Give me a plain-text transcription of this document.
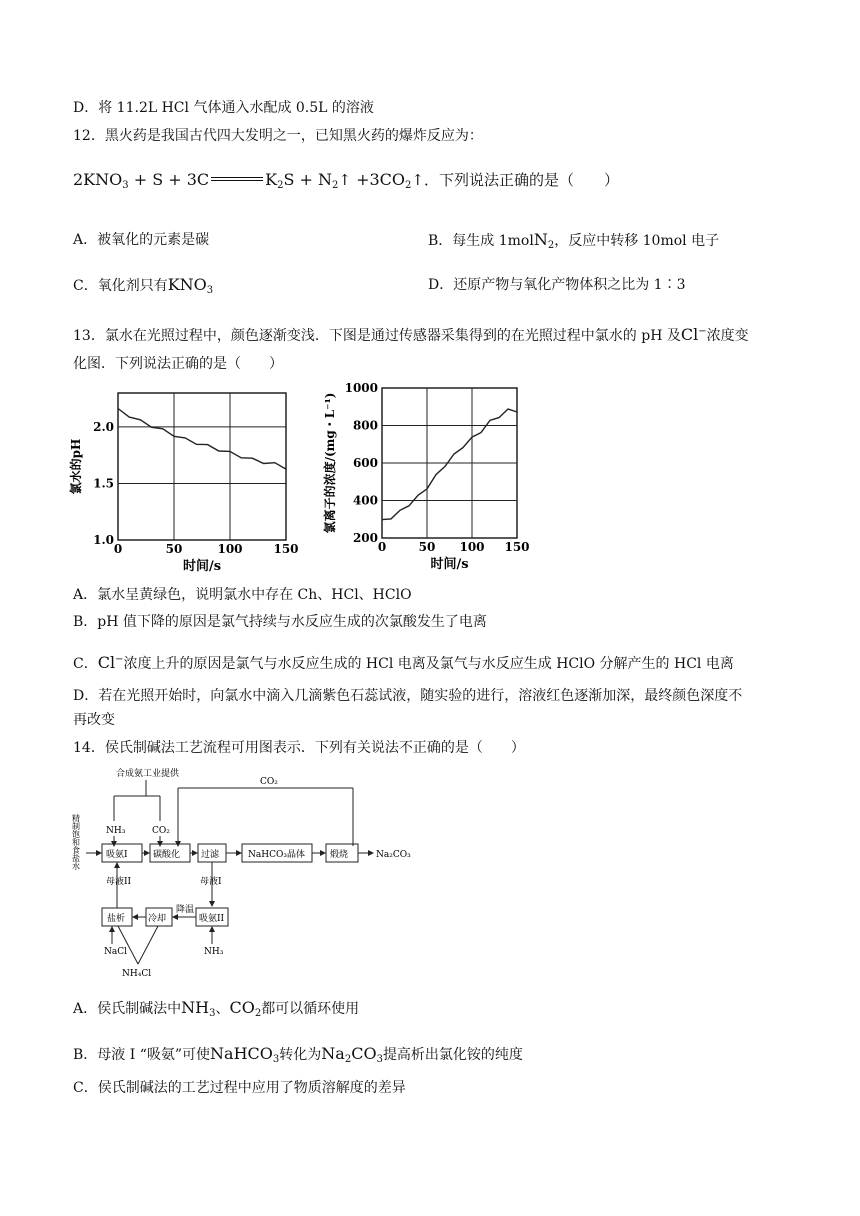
D．将 11.2L HCl 气体通入水配成 0.5L 的溶液
12．黑火药是我国古代四大发明之一，已知黑火药的爆炸反应为：
$2KNO_3 + S + 3C$	$K_2S$ + $N_2↑$ $+3CO_2↑$．下列说法正确的是（　　）
A．被氧化的元素是碳	B．每生成 1molN$_2$，反应中转移 10mol 电子
C．氧化剂只有$KNO_3$	D．还原产物与氧化产物体积之比为 1∶3
13．氯水在光照过程中，颜色逐渐变浅．下图是通过传感器采集得到的在光照过程中氯水的 pH 及Cl−浓度变
化图．下列说法正确的是（　　）
0	50	100	150
1.0
1.5
2.0
时间/s
氯水的pH
0	50 100 150
200
400
600
800
1000
时间/s
氯离子的浓度/(mg・L⁻¹)
A．氯水呈黄绿色，说明氯水中存在 Ch、HCl、HClO
B．pH 值下降的原因是氯气持续与水反应生成的次氯酸发生了电离
C．Cl−浓度上升的原因是氯气与水反应生成的 HCl 电离及氯气与水反应生成 HClO 分解产生的 HCl 电离
D．若在光照开始时，向氯水中滴入几滴紫色石蕊试液，随实验的进行，溶液红色逐渐加深，最终颜色深度不
再改变
14．侯氏制碱法工艺流程可用图表示．下列有关说法不正确的是（　　）
合成氨工业提供
NH₃	CO₂
CO₂
精制饱和食盐水	吸氨I	碳酸化 过滤	NaHCO₃晶体	煅烧	Na₂CO₃
母液II	母液I
盐析	冷却	吸氨II
降温
NaCl	NH₃
NH₄Cl
A．侯氏制碱法中$NH_3$、$CO_2$都可以循环使用
B．母液 I “吸氨”可使NaHCO$_3$转化为$Na_2CO_3$提高析出氯化铵的纯度
C．侯氏制碱法的工艺过程中应用了物质溶解度的差异
